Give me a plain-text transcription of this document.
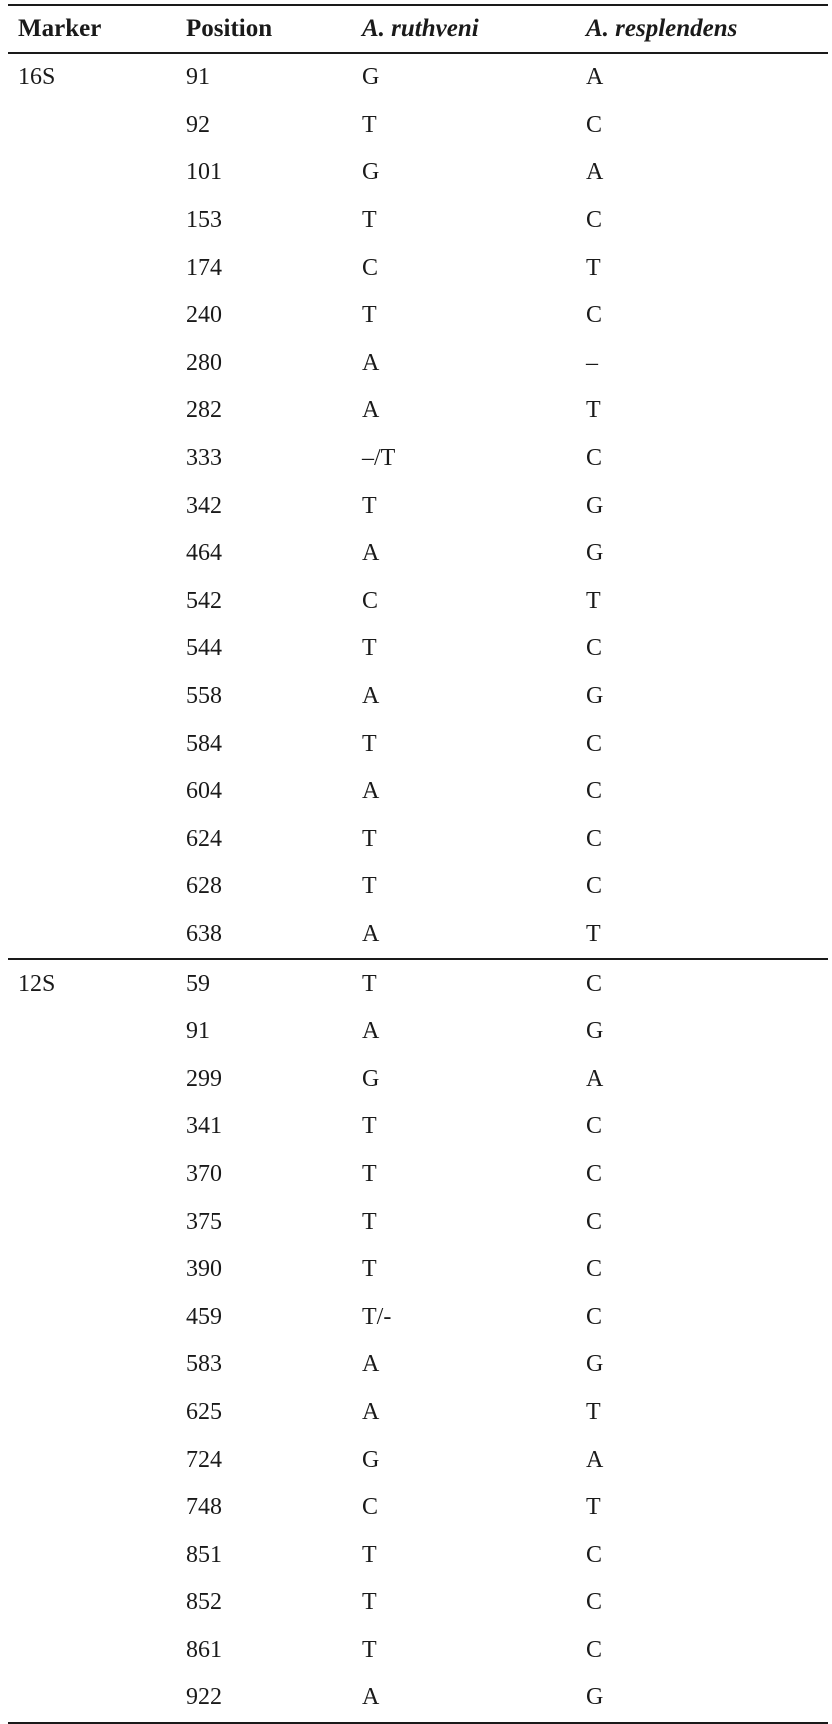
Marker	Position	A. ruthveni	A. resplendens
16S	91	G	A
	92	T	C
	101	G	A
	153	T	C
	174	C	T
	240	T	C
	280	A	–
	282	A	T
	333	–/T	C
	342	T	G
	464	A	G
	542	C	T
	544	T	C
	558	A	G
	584	T	C
	604	A	C
	624	T	C
	628	T	C
	638	A	T
12S	59	T	C
	91	A	G
	299	G	A
	341	T	C
	370	T	C
	375	T	C
	390	T	C
	459	T/-	C
	583	A	G
	625	A	T
	724	G	A
	748	C	T
	851	T	C
	852	T	C
	861	T	C
	922	A	G
